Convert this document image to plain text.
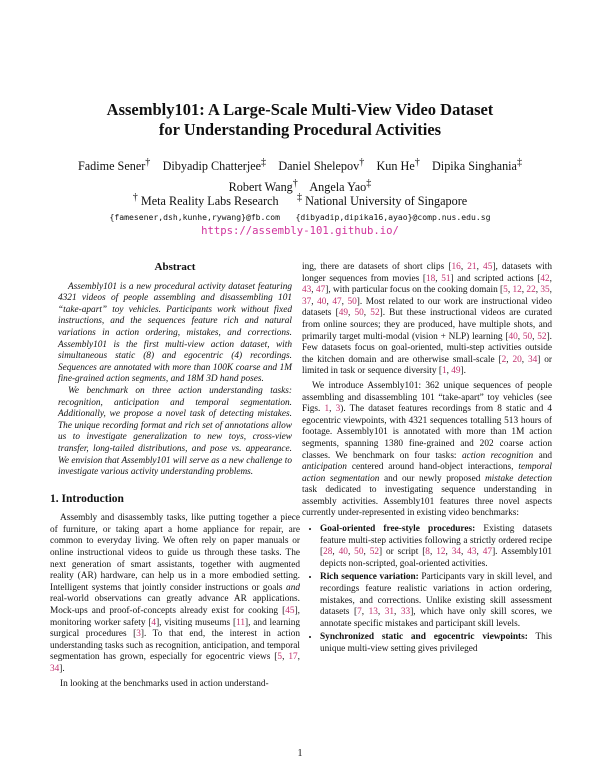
Assembly101: A Large-Scale Multi-View Video Dataset
for Understanding Procedural Activities
Fadime Sener† Dibyadip Chatterjee‡ Daniel Shelepov† Kun He† Dipika Singhania‡
Robert Wang† Angela Yao‡
† Meta Reality Labs Research ‡ National University of Singapore
{famesener,dsh,kunhe,rywang}@fb.com {dibyadip,dipika16,ayao}@comp.nus.edu.sg
https://assembly-101.github.io/
Abstract

Assembly101 is a new procedural activity dataset featuring 4321 videos of people assembling and disassembling 101 “take-apart” toy vehicles. Participants work without fixed instructions, and the sequences feature rich and natural variations in action ordering, mistakes, and corrections. Assembly101 is the first multi-view action dataset, with simultaneous static (8) and egocentric (4) recordings. Sequences are annotated with more than 100K coarse and 1M fine-grained action segments, and 18M 3D hand poses.

We benchmark on three action understanding tasks: recognition, anticipation and temporal segmentation. Additionally, we propose a novel task of detecting mistakes. The unique recording format and rich set of annotations allow us to investigate generalization to new toys, cross-view transfer, long-tailed distributions, and pose vs. appearance. We envision that Assembly101 will serve as a new challenge to investigate various activity understanding problems.

1. Introduction

Assembly and disassembly tasks, like putting together a piece of furniture, or taking apart a home appliance for repair, are common to everyday living. We often rely on paper manuals or online instructional videos to guide us through these tasks. The next generation of smart assistants, together with augmented reality (AR) hardware, can help us in a more embodied setting. Intelligent systems that jointly consider instructions or goals and real-world observations can greatly advance AR applications. Mock-ups and proof-of-concepts already exist for cooking [45], monitoring worker safety [4], visiting museums [11], and learning surgical procedures [3]. To that end, the interest in action understanding tasks such as recognition, anticipation, and temporal segmentation has grown, especially for egocentric views [5, 17, 34].

In looking at the benchmarks used in action understand-

ing, there are datasets of short clips [16, 21, 45], datasets with longer sequences from movies [18, 51] and scripted actions [42, 43, 47], with particular focus on the cooking domain [5, 12, 22, 35, 37, 40, 47, 50]. Most related to our work are instructional video datasets [49, 50, 52]. But these instructional videos are curated from online sources; they are produced, have multiple shots, and primarily target multi-modal (vision + NLP) learning [40, 50, 52]. Few datasets focus on goal-oriented, multi-step activities outside the kitchen domain and are otherwise small-scale [2, 20, 34] or limited in task or sequence diversity [1, 49].

We introduce Assembly101: 362 unique sequences of people assembling and disassembling 101 “take-apart” toy vehicles (see Figs. 1, 3). The dataset features recordings from 8 static and 4 egocentric viewpoints, with 4321 sequences totalling 513 hours of footage. Assembly101 is annotated with more than 1M action segments, spanning 1380 fine-grained and 202 coarse action classes. We benchmark on four tasks: action recognition and anticipation centered around hand-object interactions, temporal action segmentation and our newly proposed mistake detection task dedicated to investigating sequence understanding in assembly activities. Assembly101 features three novel aspects currently under-represented in existing video benchmarks:

• Goal-oriented free-style procedures: Existing datasets feature multi-step activities following a strictly ordered recipe [28, 40, 50, 52] or script [8, 12, 34, 43, 47]. Assembly101 depicts non-scripted, goal-oriented activities.
• Rich sequence variation: Participants vary in skill level, and recordings feature realistic variations in action ordering, mistakes, and corrections. Unlike existing skill assessment datasets [7, 13, 31, 33], which have only skill scores, we annotate specific mistakes and participant skill levels.
• Synchronized static and egocentric viewpoints: This unique multi-view setting gives privileged
1
